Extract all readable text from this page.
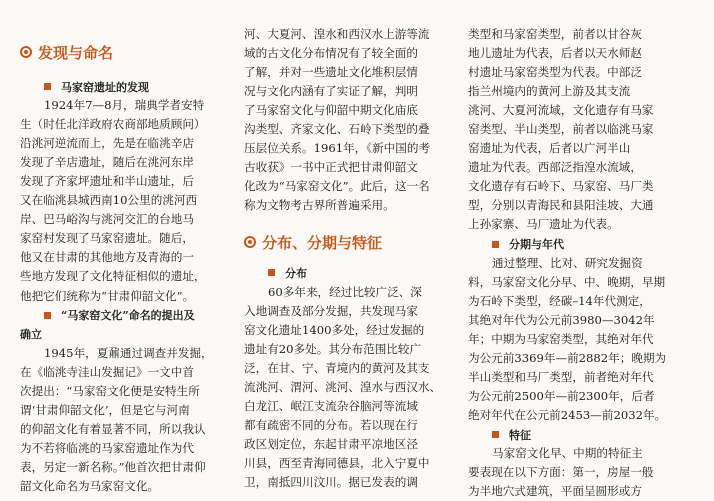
发现与命名
马家窑遗址的发现
1924年7—8月，瑞典学者安特
生（时任北洋政府农商部地质顾问）
沿洮河逆流而上，先是在临洮辛店
发现了辛店遗址，随后在洮河东岸
发现了齐家坪遗址和半山遗址，后
又在临洮县城西南10公里的洮河西
岸、巴马峪沟与洮河交汇的台地马
家窑村发现了马家窑遗址。随后，
他又在甘肃的其他地方及青海的一
些地方发现了文化特征相似的遗址，
他把它们统称为“甘肃仰韶文化”。
“马家窑文化”命名的提出及
确立
1945年，夏鼐通过调查并发掘，
在《临洮寺洼山发掘记》一文中首
次提出：“马家窑文化便是安特生所
谓‘甘肃仰韶文化’，但是它与河南
的仰韶文化有着显著不同，所以我认
为不若将临洮的马家窑遗址作为代
表，另定一新名称。”他首次把甘肃仰
韶文化命名为马家窑文化。
河、大夏河、湟水和西汉水上游等流
域的古文化分布情况有了较全面的
了解，并对一些遗址文化堆积层情
况与文化内涵有了实证了解，判明
了马家窑文化与仰韶中期文化庙底
沟类型、齐家文化、石岭下类型的叠
压层位关系。1961年，《新中国的考
古收获》一书中正式把甘肃仰韶文
化改为“马家窑文化”。此后，这一名
称为文物考古界所普遍采用。
分布、分期与特征
分布
60多年来，经过比较广泛、深
入地调查及部分发掘，共发现马家
窑文化遗址1400多处，经过发掘的
遗址有20多处。其分布范围比较广
泛，在甘、宁、青境内的黄河及其支
流洮河、渭河、洮河、湟水与西汉水、
白龙江、岷江支流杂谷脑河等流域
都有疏密不同的分布。若以现在行
政区划定位，东起甘肃平凉地区泾
川县，西至青海同德县，北入宁夏中
卫，南抵四川汶川。据已发表的调
类型和马家窑类型，前者以甘谷灰
地儿遗址为代表，后者以天水师赵
村遗址马家窑类型为代表。中部泛
指兰州境内的黄河上游及其支流
洮河、大夏河流域，文化遗存有马家
窑类型、半山类型，前者以临洮马家
窑遗址为代表，后者以广河半山
遗址为代表。西部泛指湟水流域，
文化遗存有石岭下、马家窑、马厂类
型，分别以青海民和县阳洼坡、大通
上孙家寨、马厂遗址为代表。
分期与年代
通过整理、比对、研究发掘资
料，马家窑文化分早、中、晚期，早期
为石岭下类型，经碳–14年代测定，
其绝对年代为公元前3980—3042年
年；中期为马家窑类型，其绝对年代
为公元前3369年—前2882年；晚期为
半山类型和马厂类型，前者绝对年代
为公元前2500年—前2300年，后者
绝对年代在公元前2453—前2032年。
特征
马家窑文化早、中期的特征主
要表现在以下方面：第一，房屋一般
为半地穴式建筑，平面呈圆形或方
